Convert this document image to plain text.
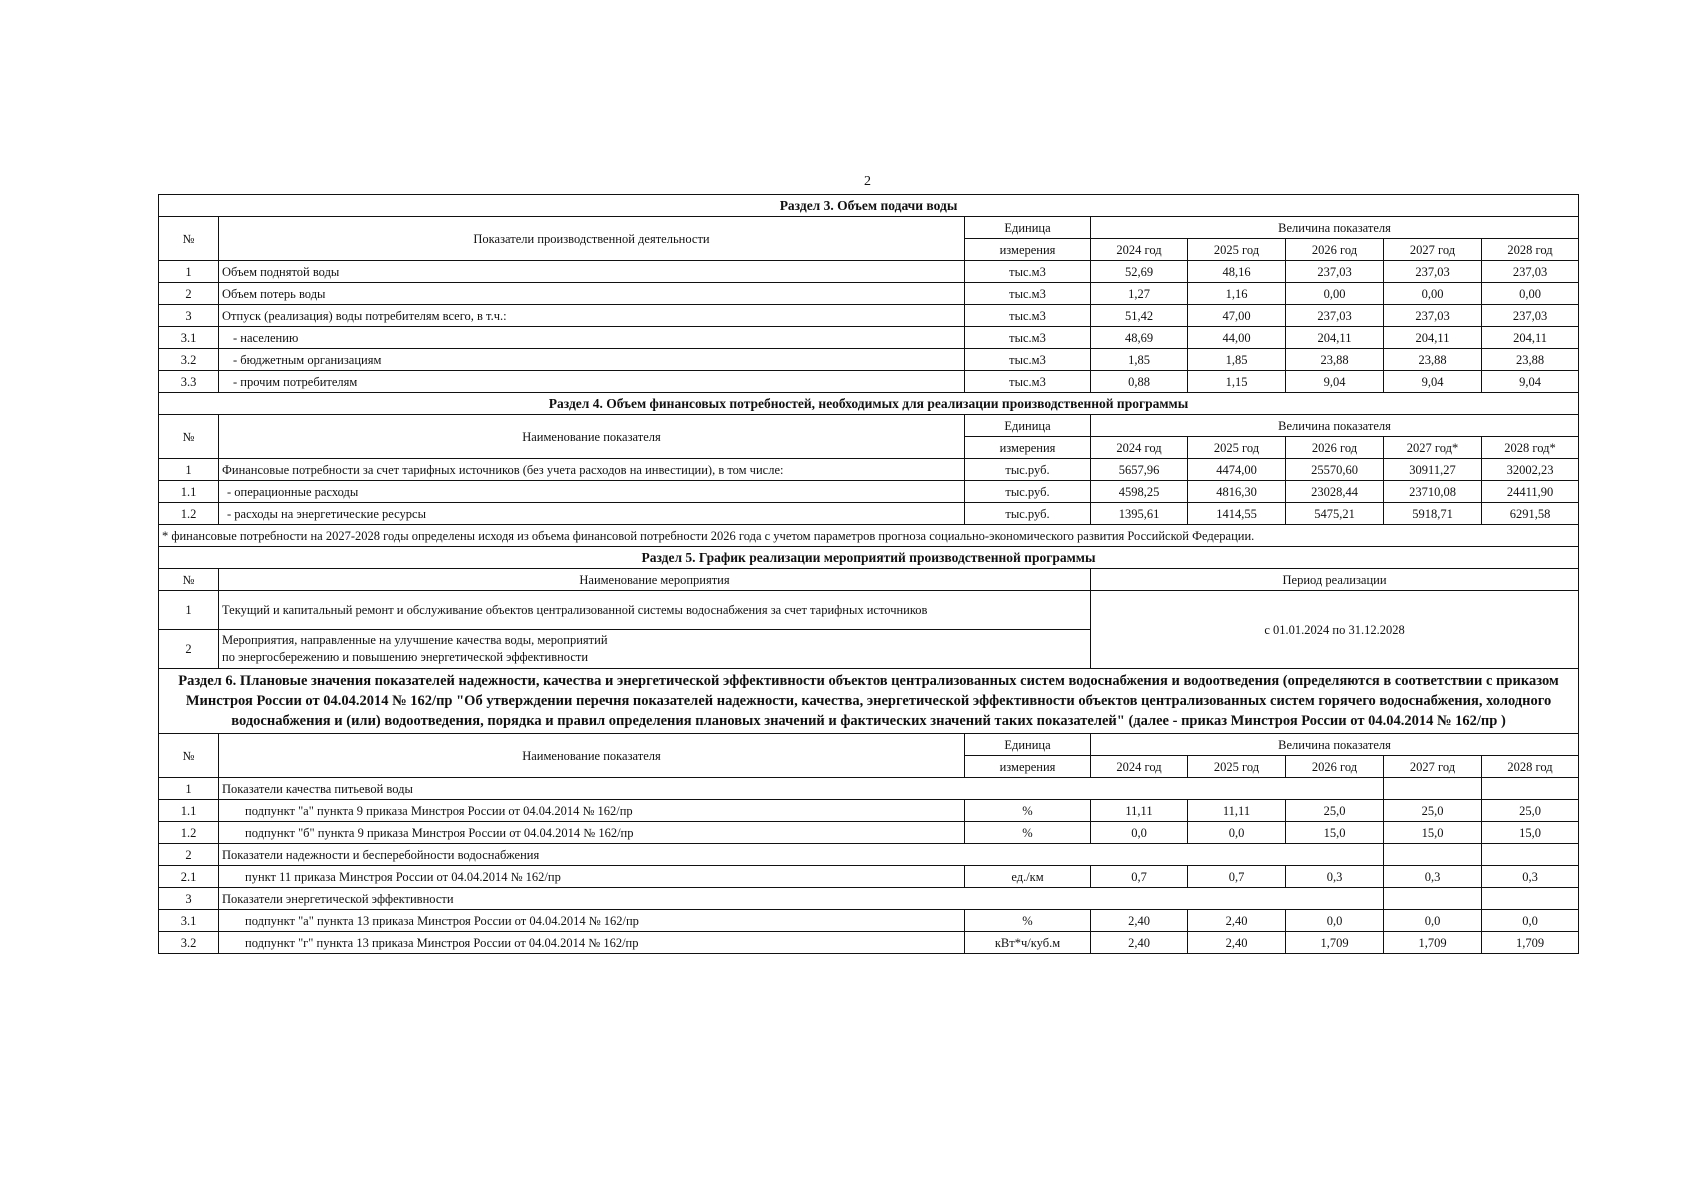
2
Раздел 3. Объем подачи воды							
№	Показатели производственной деятельности	Единица	Величина показателя				
		измерения	2024 год	2025 год	2026 год	2027 год	2028 год
1	Объем поднятой воды	тыс.м3	52,69	48,16	237,03	237,03	237,03
2	Объем потерь воды	тыс.м3	1,27	1,16	0,00	0,00	0,00
3	Отпуск (реализация) воды потребителям всего, в т.ч.:	тыс.м3	51,42	47,00	237,03	237,03	237,03
3.1	- населению	тыс.м3	48,69	44,00	204,11	204,11	204,11
3.2	- бюджетным организациям	тыс.м3	1,85	1,85	23,88	23,88	23,88
3.3	- прочим потребителям	тыс.м3	0,88	1,15	9,04	9,04	9,04
Раздел 4. Объем финансовых потребностей, необходимых для реализации производственной программы							
№	Наименование показателя	Единица	Величина показателя				
		измерения	2024 год	2025 год	2026 год	2027 год*	2028 год*
1	Финансовые потребности за счет тарифных источников (без учета расходов на инвестиции), в том числе:	тыс.руб.	5657,96	4474,00	25570,60	30911,27	32002,23
1.1	- операционные расходы	тыс.руб.	4598,25	4816,30	23028,44	23710,08	24411,90
1.2	- расходы на энергетические ресурсы	тыс.руб.	1395,61	1414,55	5475,21	5918,71	6291,58
* финансовые потребности на 2027-2028 годы определены исходя из объема финансовой потребности 2026 года с учетом параметров прогноза социально-экономического развития Российской Федерации.							
Раздел 5. График реализации мероприятий производственной программы							
№	Наименование мероприятия		Период реализации				
1	Текущий и капитальный ремонт и обслуживание объектов централизованной системы водоснабжения за счет тарифных источников		с 01.01.2024 по 31.12.2028				
2	Мероприятия, направленные на улучшение качества воды, мероприятий
по энергосбережению и повышению энергетической эффективности						
Раздел 6. Плановые значения показателей надежности, качества и энергетической эффективности объектов централизованных систем водоснабжения и водоотведения (определяются в соответствии с приказом Минстроя России от 04.04.2014 № 162/пр "Об утверждении перечня показателей надежности, качества, энергетической эффективности объектов централизованных систем горячего водоснабжения, холодного водоснабжения и (или) водоотведения, порядка и правил определения плановых значений и фактических значений таких показателей" (далее - приказ Минстроя России от 04.04.2014 № 162/пр )							
№	Наименование показателя	Единица	Величина показателя				
		измерения	2024 год	2025 год	2026 год	2027 год	2028 год
1	Показатели качества питьевой воды						
1.1	подпункт "а" пункта 9 приказа Минстроя России от 04.04.2014 № 162/пр	%	11,11	11,11	25,0	25,0	25,0
1.2	подпункт "б" пункта 9 приказа Минстроя России от 04.04.2014 № 162/пр	%	0,0	0,0	15,0	15,0	15,0
2	Показатели надежности и бесперебойности водоснабжения						
2.1	пункт 11 приказа Минстроя России от 04.04.2014 № 162/пр	ед./км	0,7	0,7	0,3	0,3	0,3
3	Показатели энергетической эффективности						
3.1	подпункт "а" пункта 13 приказа Минстроя России от 04.04.2014 № 162/пр	%	2,40	2,40	0,0	0,0	0,0
3.2	подпункт "г" пункта 13 приказа Минстроя России от 04.04.2014 № 162/пр	кВт*ч/куб.м	2,40	2,40	1,709	1,709	1,709
